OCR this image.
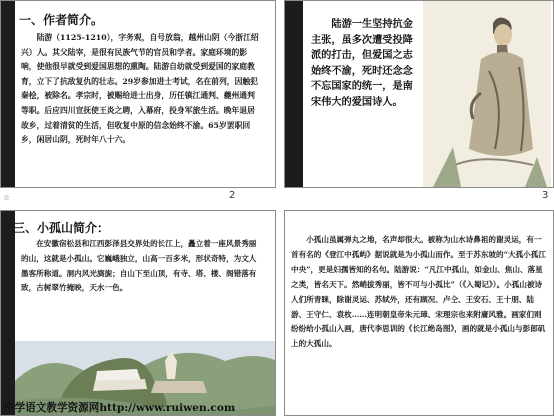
一、作者简介。

陆游（1125-1210），字务观，自号放翁，越州山阴（今浙江绍兴）人。其父陆宰，是很有民族气节的官员和学者。家庭环境的影响，使他很早就受到爱国思想的熏陶。陆游自幼就受到爱国的家庭教育，立下了抗敌复仇的壮志。29岁参加进士考试，名在前列，因触犯秦桧，被除名。孝宗时，被赐给进士出身，历任镇江通判、夔州通判等职。后应四川宣抚使王炎之聘，入幕府，投身军旅生活。晚年退居故乡，过着清贫的生活，但收复中原的信念始终不渝。65岁罢职回乡，闲居山阴，死时年八十六。

☆	2

陆游一生坚持抗金主张，虽多次遭受投降派的打击，但爱国之志始终不渝，死时还念念不忘国家的统一，是南宋伟大的爱国诗人。

3
三、小孤山简介：

在安徽宿松县和江西彭泽县交界处的长江上，矗立着一座风景秀丽的山，这就是小孤山。它巍峨独立，山高一百多米，形状奇特，为文人墨客所称道。洞内风光旖旎；自山下至山顶，有寺、塔、楼、阁错落有致，古树翠竹掩映，天水一色。

小孤山虽属弹丸之地，名声却很大。被称为山水诗鼻祖的谢灵运，有一首有名的《登江中孤屿》据说就是为小孤山而作。至于苏东坡的“大孤小孤江中央”，更是妇孺皆知的名句。陆游说：“凡江中孤山，如金山、焦山、落星之类，皆名天下。然峭拔秀丽，皆不可与小孤比”（《入蜀记》）。小孤山被诗人们所青睐，除谢灵运、苏轼外，还有顾况、卢仝、王安石、王十朋、陆游、王守仁、袁枚……连明朝皇帝朱元璋、宋理宗也来附庸风雅。画家们则纷纷给小孤山入画，唐代李思训的《长江绝岛图》，画的就是小孤山与彭郎矶上的大孤山。

中学语文教学资源网http://www.ruiwen.com
